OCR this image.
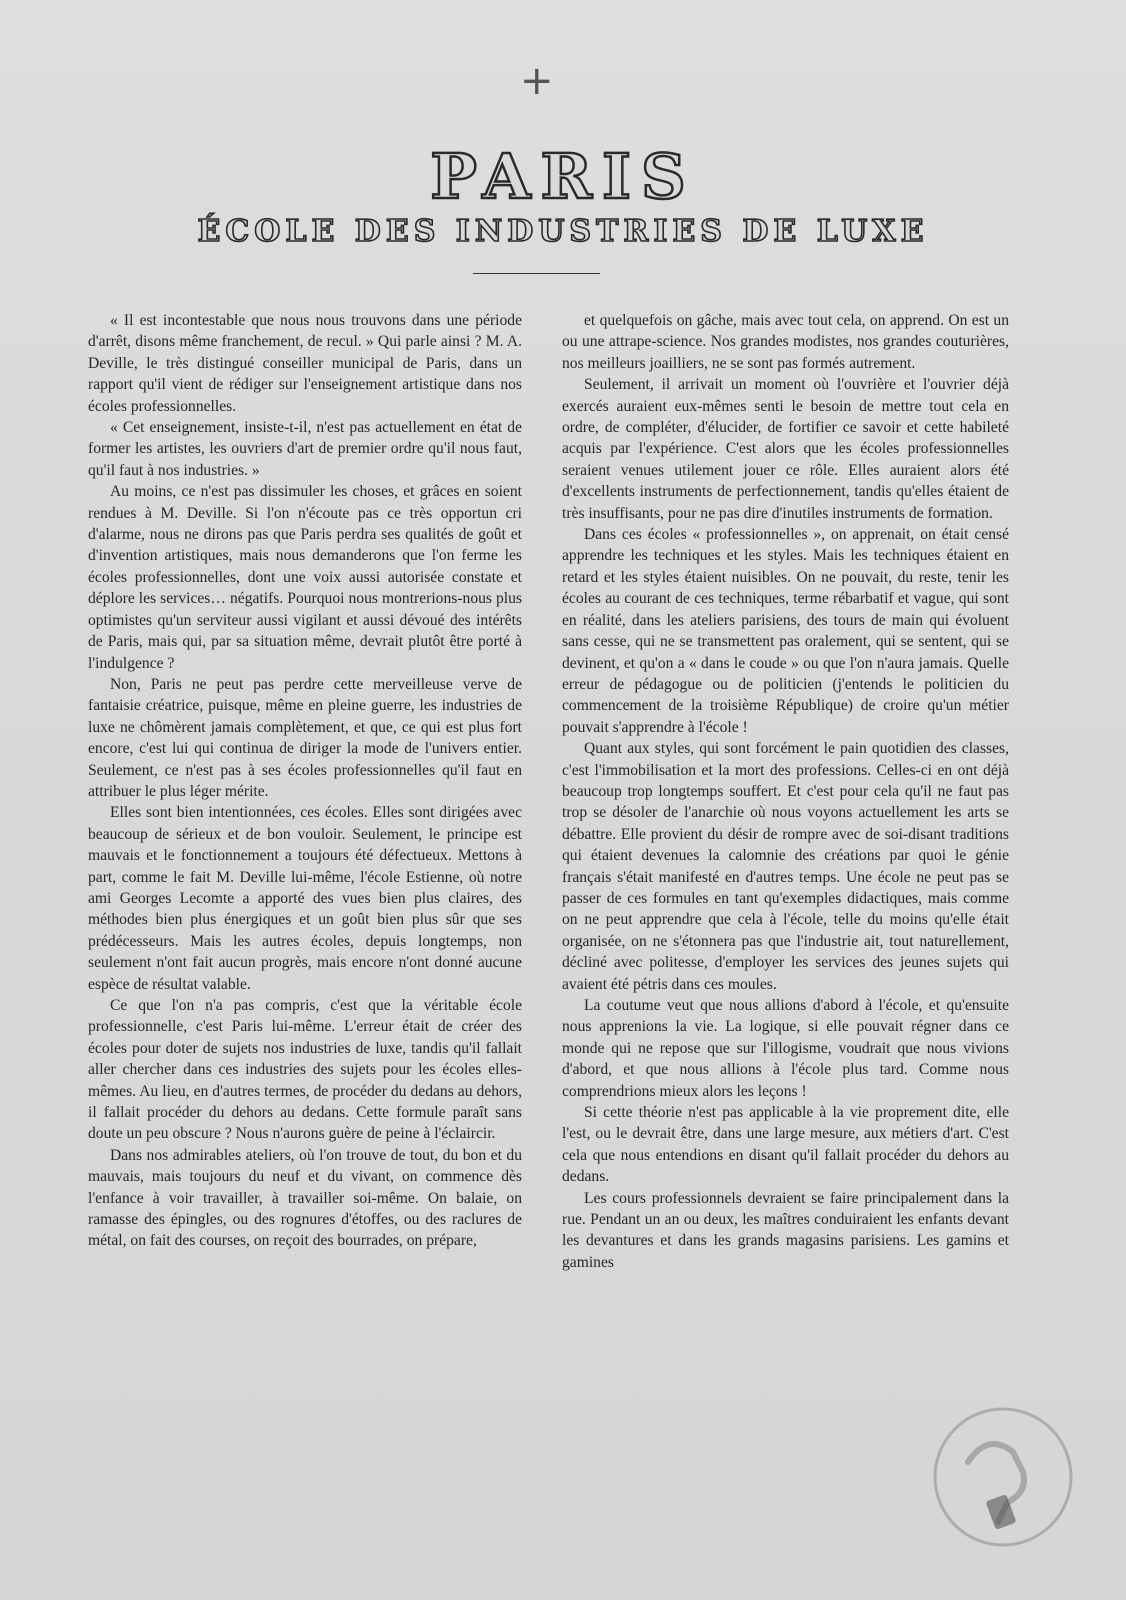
+
PARIS
ÉCOLE DES INDUSTRIES DE LUXE

« Il est incontestable que nous nous trouvons dans une période d'arrêt, disons même franchement, de recul. » Qui parle ainsi ? M. A. Deville, le très distingué conseiller municipal de Paris, dans un rapport qu'il vient de rédiger sur l'enseignement artistique dans nos écoles professionnelles.

« Cet enseignement, insiste-t-il, n'est pas actuellement en état de former les artistes, les ouvriers d'art de premier ordre qu'il nous faut, qu'il faut à nos industries. »

Au moins, ce n'est pas dissimuler les choses, et grâces en soient rendues à M. Deville. Si l'on n'écoute pas ce très opportun cri d'alarme, nous ne dirons pas que Paris perdra ses qualités de goût et d'invention artistiques, mais nous demanderons que l'on ferme les écoles professionnelles, dont une voix aussi autorisée constate et déplore les services… négatifs. Pourquoi nous montrerions-nous plus optimistes qu'un serviteur aussi vigilant et aussi dévoué des intérêts de Paris, mais qui, par sa situation même, devrait plutôt être porté à l'indulgence ?

Non, Paris ne peut pas perdre cette merveilleuse verve de fantaisie créatrice, puisque, même en pleine guerre, les industries de luxe ne chômèrent jamais complètement, et que, ce qui est plus fort encore, c'est lui qui continua de diriger la mode de l'univers entier. Seulement, ce n'est pas à ses écoles professionnelles qu'il faut en attribuer le plus léger mérite.

Elles sont bien intentionnées, ces écoles. Elles sont dirigées avec beaucoup de sérieux et de bon vouloir. Seulement, le principe est mauvais et le fonctionnement a toujours été défectueux. Mettons à part, comme le fait M. Deville lui-même, l'école Estienne, où notre ami Georges Lecomte a apporté des vues bien plus claires, des méthodes bien plus énergiques et un goût bien plus sûr que ses prédécesseurs. Mais les autres écoles, depuis longtemps, non seulement n'ont fait aucun progrès, mais encore n'ont donné aucune espèce de résultat valable.

Ce que l'on n'a pas compris, c'est que la véritable école professionnelle, c'est Paris lui-même. L'erreur était de créer des écoles pour doter de sujets nos industries de luxe, tandis qu'il fallait aller chercher dans ces industries des sujets pour les écoles elles-mêmes. Au lieu, en d'autres termes, de procéder du dedans au dehors, il fallait procéder du dehors au dedans. Cette formule paraît sans doute un peu obscure ? Nous n'aurons guère de peine à l'éclaircir.

Dans nos admirables ateliers, où l'on trouve de tout, du bon et du mauvais, mais toujours du neuf et du vivant, on commence dès l'enfance à voir travailler, à travailler soi-même. On balaie, on ramasse des épingles, ou des rognures d'étoffes, ou des raclures de métal, on fait des courses, on reçoit des bourrades, on prépare,

et quelquefois on gâche, mais avec tout cela, on apprend. On est un ou une attrape-science. Nos grandes modistes, nos grandes couturières, nos meilleurs joailliers, ne se sont pas formés autrement.

Seulement, il arrivait un moment où l'ouvrière et l'ouvrier déjà exercés auraient eux-mêmes senti le besoin de mettre tout cela en ordre, de compléter, d'élucider, de fortifier ce savoir et cette habileté acquis par l'expérience. C'est alors que les écoles professionnelles seraient venues utilement jouer ce rôle. Elles auraient alors été d'excellents instruments de perfectionnement, tandis qu'elles étaient de très insuffisants, pour ne pas dire d'inutiles instruments de formation.

Dans ces écoles « professionnelles », on apprenait, on était censé apprendre les techniques et les styles. Mais les techniques étaient en retard et les styles étaient nuisibles. On ne pouvait, du reste, tenir les écoles au courant de ces techniques, terme rébarbatif et vague, qui sont en réalité, dans les ateliers parisiens, des tours de main qui évoluent sans cesse, qui ne se transmettent pas oralement, qui se sentent, qui se devinent, et qu'on a « dans le coude » ou que l'on n'aura jamais. Quelle erreur de pédagogue ou de politicien (j'entends le politicien du commencement de la troisième République) de croire qu'un métier pouvait s'apprendre à l'école !

Quant aux styles, qui sont forcément le pain quotidien des classes, c'est l'immobilisation et la mort des professions. Celles-ci en ont déjà beaucoup trop longtemps souffert. Et c'est pour cela qu'il ne faut pas trop se désoler de l'anarchie où nous voyons actuellement les arts se débattre. Elle provient du désir de rompre avec de soi-disant traditions qui étaient devenues la calomnie des créations par quoi le génie français s'était manifesté en d'autres temps. Une école ne peut pas se passer de ces formules en tant qu'exemples didactiques, mais comme on ne peut apprendre que cela à l'école, telle du moins qu'elle était organisée, on ne s'étonnera pas que l'industrie ait, tout naturellement, décliné avec politesse, d'employer les services des jeunes sujets qui avaient été pétris dans ces moules.

La coutume veut que nous allions d'abord à l'école, et qu'ensuite nous apprenions la vie. La logique, si elle pouvait régner dans ce monde qui ne repose que sur l'illogisme, voudrait que nous vivions d'abord, et que nous allions à l'école plus tard. Comme nous comprendrions mieux alors les leçons !

Si cette théorie n'est pas applicable à la vie proprement dite, elle l'est, ou le devrait être, dans une large mesure, aux métiers d'art. C'est cela que nous entendions en disant qu'il fallait procéder du dehors au dedans.

Les cours professionnels devraient se faire principalement dans la rue. Pendant un an ou deux, les maîtres conduiraient les enfants devant les devantures et dans les grands magasins parisiens. Les gamins et gamines
